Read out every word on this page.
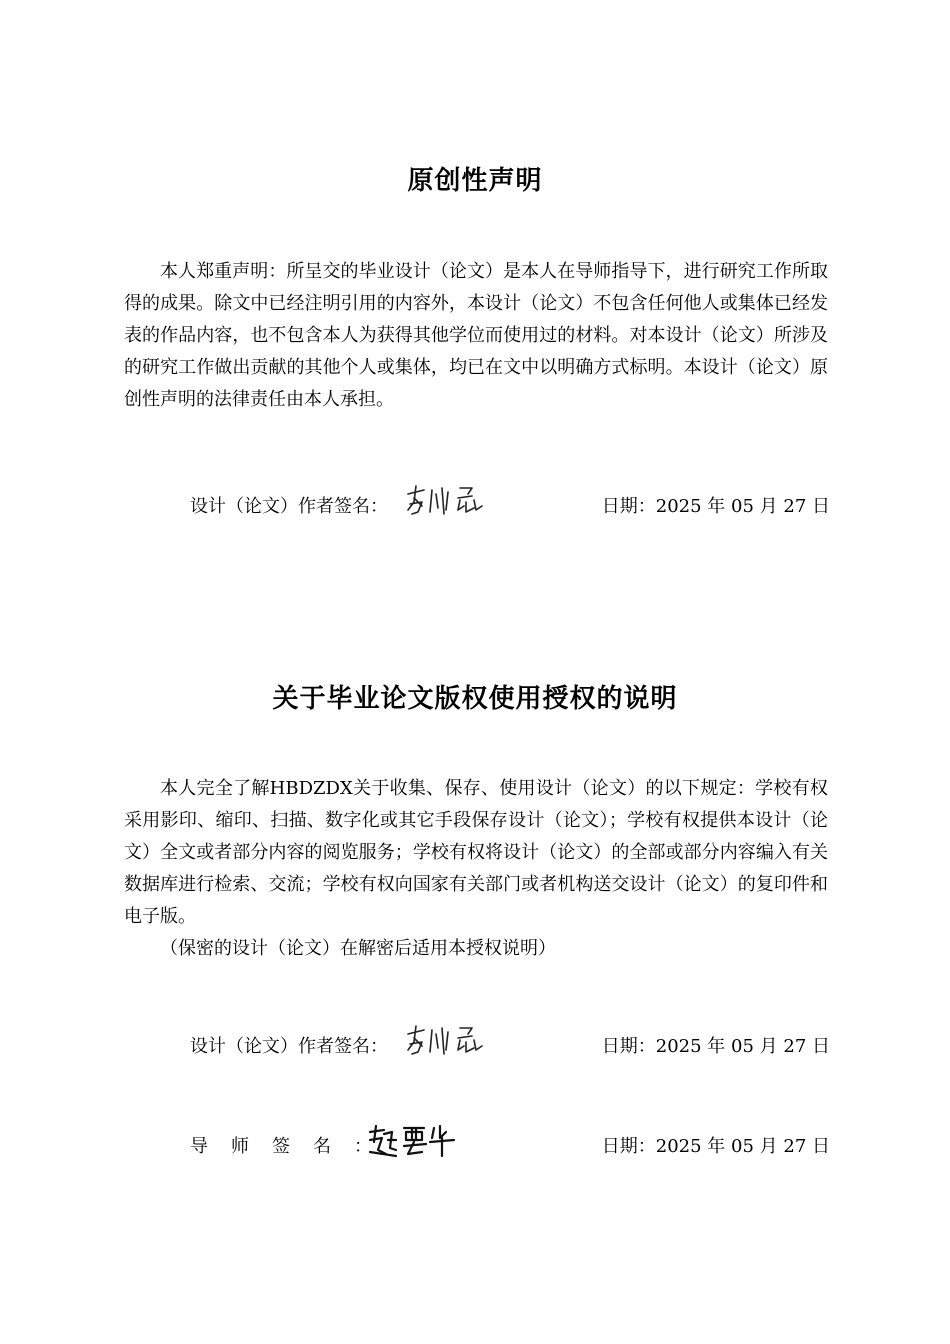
原创性声明

本人郑重声明：所呈交的毕业设计（论文）是本人在导师指导下，进行研究工作所取得的成果。除文中已经注明引用的内容外，本设计（论文）不包含任何他人或集体已经发表的作品内容，也不包含本人为获得其他学位而使用过的材料。对本设计（论文）所涉及的研究工作做出贡献的其他个人或集体，均已在文中以明确方式标明。本设计（论文）原创性声明的法律责任由本人承担。

设计（论文）作者签名：	日期：2025 年 05 月 27 日
关于毕业论文版权使用授权的说明

本人完全了解HBDZDX关于收集、保存、使用设计（论文）的以下规定：学校有权采用影印、缩印、扫描、数字化或其它手段保存设计（论文）；学校有权提供本设计（论文）全文或者部分内容的阅览服务；学校有权将设计（论文）的全部或部分内容编入有关数据库进行检索、交流；学校有权向国家有关部门或者机构送交设计（论文）的复印件和电子版。

（保密的设计（论文）在解密后适用本授权说明）

设计（论文）作者签名：	日期：2025 年 05 月 27 日
导师签名：	日期：2025 年 05 月 27 日
